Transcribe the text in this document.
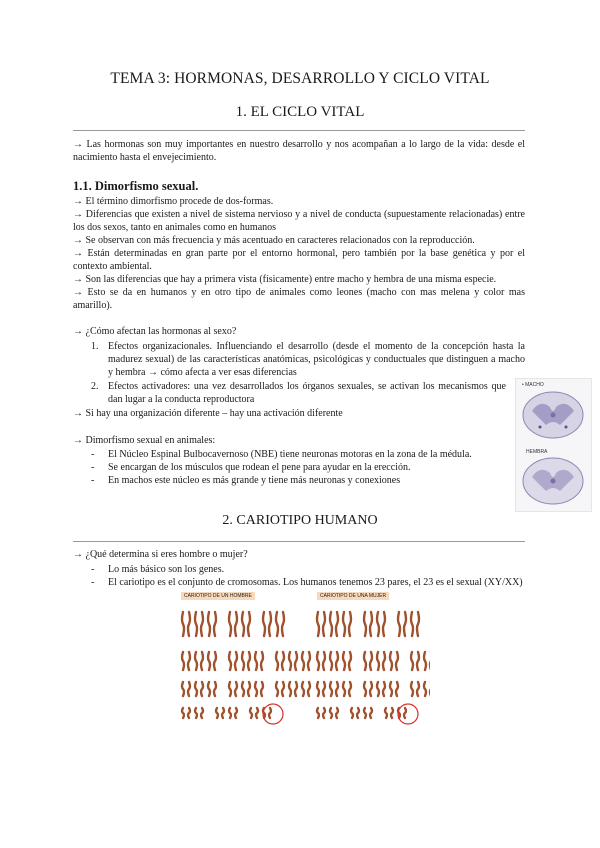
TEMA 3: HORMONAS, DESARROLLO Y CICLO VITAL
1. EL CICLO VITAL
→ Las hormonas son muy importantes en nuestro desarrollo y nos acompañan a lo largo de la vida: desde el nacimiento hasta el envejecimiento.
1.1. Dimorfismo sexual.
→ El término dimorfismo procede de dos-formas.
→ Diferencias que existen a nivel de sistema nervioso y a nivel de conducta (supuestamente relacionadas) entre los dos sexos, tanto en animales como en humanos
→ Se observan con más frecuencia y más acentuado en caracteres relacionados con la reproducción.
→ Están determinadas en gran parte por el entorno hormonal, pero también por la base genética y por el contexto ambiental.
→ Son las diferencias que hay a primera vista (físicamente) entre macho y hembra de una misma especie.
→ Esto se da en humanos y en otro tipo de animales como leones (macho con mas melena y color mas amarillo).
→ ¿Cómo afectan las hormonas al sexo?
1. Efectos organizacionales. Influenciando el desarrollo (desde el momento de la concepción hasta la madurez sexual) de las características anatómicas, psicológicas y conductuales que distinguen a macho y hembra → cómo afecta a ver esas diferencias
2. Efectos activadores: una vez desarrollados los órganos sexuales, se activan los mecanismos que dan lugar a la conducta reproductora
→ Si hay una organización diferente – hay una activación diferente
→ Dimorfismo sexual en animales:
- El Núcleo Espinal Bulbocavernoso (NBE) tiene neuronas motoras en la zona de la médula.
- Se encargan de los músculos que rodean el pene para ayudar en la erección.
- En machos este núcleo es más grande y tiene más neuronas y conexiones
• MACHO
HEMBRA
2. CARIOTIPO HUMANO
→ ¿Qué determina si eres hombre o mujer?
- Lo más básico son los genes.
- El cariotipo es el conjunto de cromosomas. Los humanos tenemos 23 pares, el 23 es el sexual (XY/XX)
CARIOTIPO DE UN HOMBRE	CARIOTIPO DE UNA MUJER
